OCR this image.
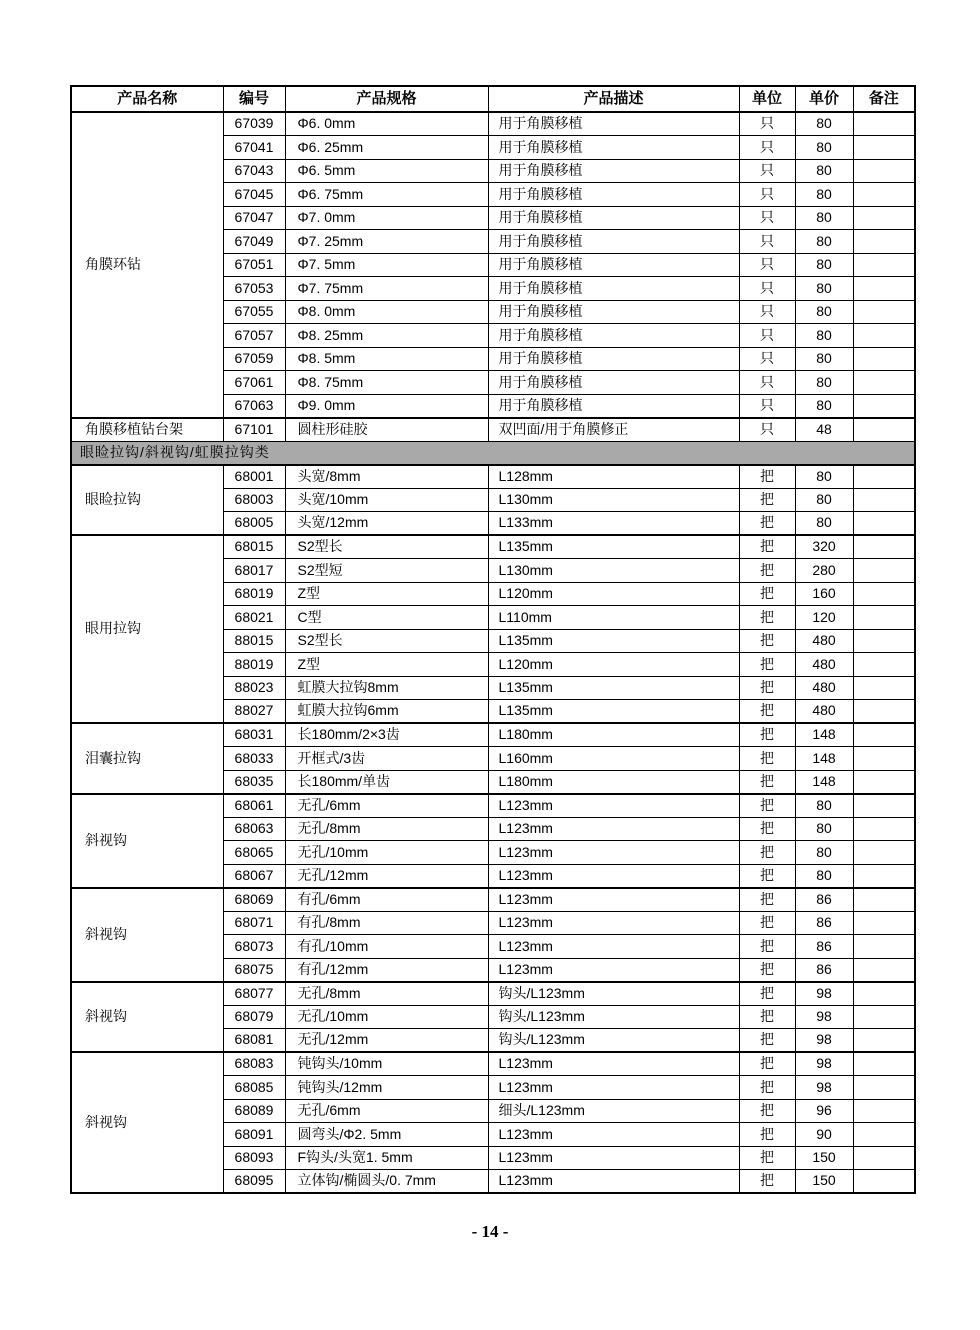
产品名称	编号	产品规格	产品描述	单位	单价	备注
角膜环钻	67039	Φ6. 0mm	用于角膜移植	只	80	
	67041	Φ6. 25mm	用于角膜移植	只	80	
	67043	Φ6. 5mm	用于角膜移植	只	80	
	67045	Φ6. 75mm	用于角膜移植	只	80	
	67047	Φ7. 0mm	用于角膜移植	只	80	
	67049	Φ7. 25mm	用于角膜移植	只	80	
	67051	Φ7. 5mm	用于角膜移植	只	80	
	67053	Φ7. 75mm	用于角膜移植	只	80	
	67055	Φ8. 0mm	用于角膜移植	只	80	
	67057	Φ8. 25mm	用于角膜移植	只	80	
	67059	Φ8. 5mm	用于角膜移植	只	80	
	67061	Φ8. 75mm	用于角膜移植	只	80	
	67063	Φ9. 0mm	用于角膜移植	只	80	
角膜移植钻台架	67101	圆柱形硅胶	双凹面/用于角膜修正	只	48	
眼睑拉钩/斜视钩/虹膜拉钩类						
眼睑拉钩	68001	头宽/8mm	L128mm	把	80	
	68003	头宽/10mm	L130mm	把	80	
	68005	头宽/12mm	L133mm	把	80	
眼用拉钩	68015	S2型长	L135mm	把	320	
	68017	S2型短	L130mm	把	280	
	68019	Z型	L120mm	把	160	
	68021	C型	L110mm	把	120	
	88015	S2型长	L135mm	把	480	
	88019	Z型	L120mm	把	480	
	88023	虹膜大拉钩8mm	L135mm	把	480	
	88027	虹膜大拉钩6mm	L135mm	把	480	
泪囊拉钩	68031	长180mm/2×3齿	L180mm	把	148	
	68033	开框式/3齿	L160mm	把	148	
	68035	长180mm/单齿	L180mm	把	148	
斜视钩	68061	无孔/6mm	L123mm	把	80	
	68063	无孔/8mm	L123mm	把	80	
	68065	无孔/10mm	L123mm	把	80	
	68067	无孔/12mm	L123mm	把	80	
斜视钩	68069	有孔/6mm	L123mm	把	86	
	68071	有孔/8mm	L123mm	把	86	
	68073	有孔/10mm	L123mm	把	86	
	68075	有孔/12mm	L123mm	把	86	
斜视钩	68077	无孔/8mm	钩头/L123mm	把	98	
	68079	无孔/10mm	钩头/L123mm	把	98	
	68081	无孔/12mm	钩头/L123mm	把	98	
斜视钩	68083	钝钩头/10mm	L123mm	把	98	
	68085	钝钩头/12mm	L123mm	把	98	
	68089	无孔/6mm	细头/L123mm	把	96	
	68091	圆弯头/Φ2. 5mm	L123mm	把	90	
	68093	F钩头/头宽1. 5mm	L123mm	把	150	
	68095	立体钩/椭圆头/0. 7mm	L123mm	把	150	
- 14 -
